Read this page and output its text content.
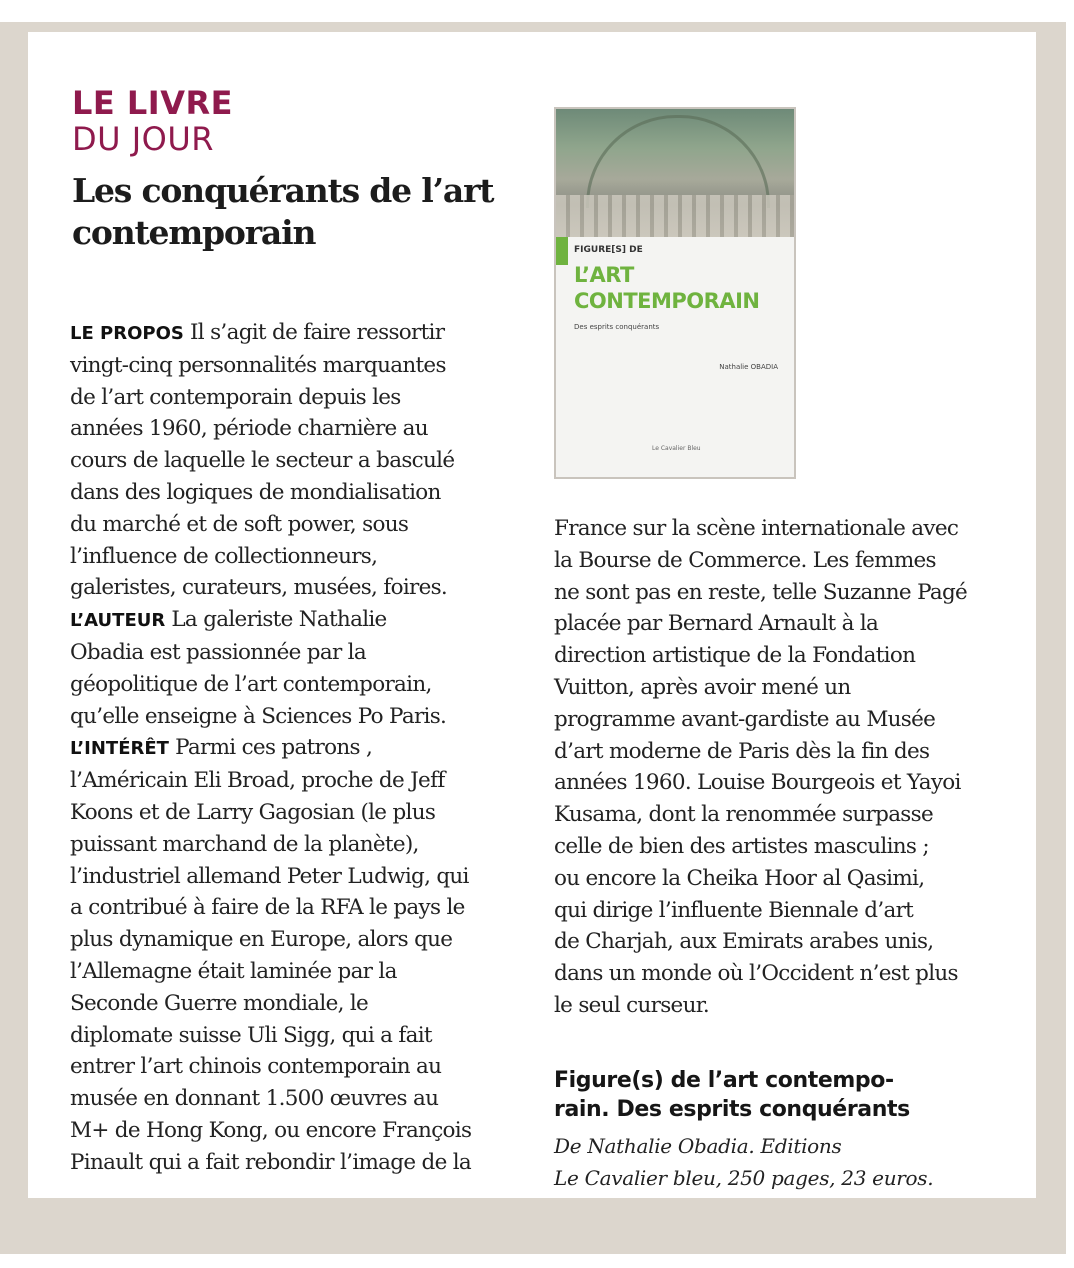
LE LIVRE
DU JOUR
Les conquérants de l’art contemporain
LE PROPOS Il s’agit de faire ressortir
vingt-cinq personnalités marquantes
de l’art contemporain depuis les
années 1960, période charnière au
cours de laquelle le secteur a basculé
dans des logiques de mondialisation
du marché et de soft power, sous
l’influence de collectionneurs,
galeristes, curateurs, musées, foires.
L’AUTEUR La galeriste Nathalie
Obadia est passionnée par la
géopolitique de l’art contemporain,
qu’elle enseigne à Sciences Po Paris.
L’INTÉRÊT Parmi ces patrons ,
l’Américain Eli Broad, proche de Jeff
Koons et de Larry Gagosian (le plus
puissant marchand de la planète),
l’industriel allemand Peter Ludwig, qui
a contribué à faire de la RFA le pays le
plus dynamique en Europe, alors que
l’Allemagne était laminée par la
Seconde Guerre mondiale, le
diplomate suisse Uli Sigg, qui a fait
entrer l’art chinois contemporain au
musée en donnant 1.500 œuvres au
M+ de Hong Kong, ou encore François
Pinault qui a fait rebondir l’image de la
FIGURE[S] DE
L’ART
CONTEMPORAIN
Des esprits conquérants
Nathalie OBADIA
Le Cavalier Bleu
France sur la scène internationale avec
la Bourse de Commerce. Les femmes
ne sont pas en reste, telle Suzanne Pagé
placée par Bernard Arnault à la
direction artistique de la Fondation
Vuitton, après avoir mené un
programme avant-gardiste au Musée
d’art moderne de Paris dès la fin des
années 1960. Louise Bourgeois et Yayoi
Kusama, dont la renommée surpasse
celle de bien des artistes masculins ;
ou encore la Cheika Hoor al Qasimi,
qui dirige l’influente Biennale d’art
de Charjah, aux Emirats arabes unis,
dans un monde où l’Occident n’est plus
le seul curseur.
Figure(s) de l’art contempo-
rain. Des esprits conquérants
De Nathalie Obadia. Editions
Le Cavalier bleu, 250 pages, 23 euros.
